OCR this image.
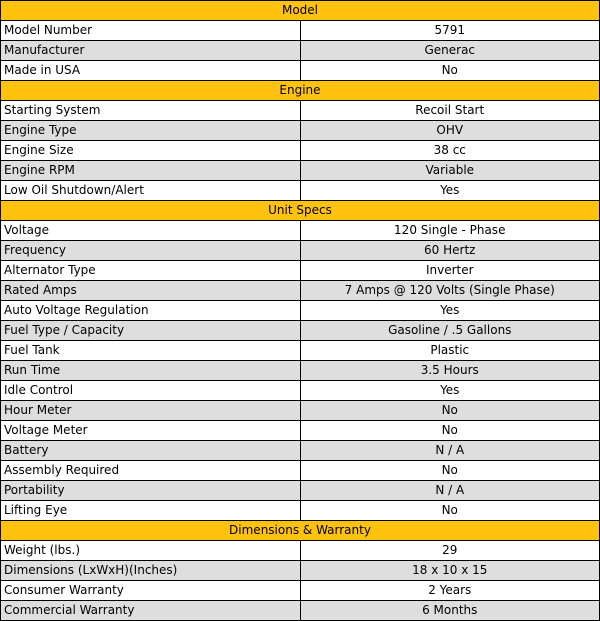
Model	
Model Number	5791
Manufacturer	Generac
Made in USA	No
Engine	
Starting System	Recoil Start
Engine Type	OHV
Engine Size	38 cc
Engine RPM	Variable
Low Oil Shutdown/Alert	Yes
Unit Specs	
Voltage	120 Single - Phase
Frequency	60 Hertz
Alternator Type	Inverter
Rated Amps	7 Amps @ 120 Volts (Single Phase)
Auto Voltage Regulation	Yes
Fuel Type / Capacity	Gasoline / .5 Gallons
Fuel Tank	Plastic
Run Time	3.5 Hours
Idle Control	Yes
Hour Meter	No
Voltage Meter	No
Battery	N / A
Assembly Required	No
Portability	N / A
Lifting Eye	No
Dimensions & Warranty	
Weight (lbs.)	29
Dimensions (LxWxH)(Inches)	18 x 10 x 15
Consumer Warranty	2 Years
Commercial Warranty	6 Months
